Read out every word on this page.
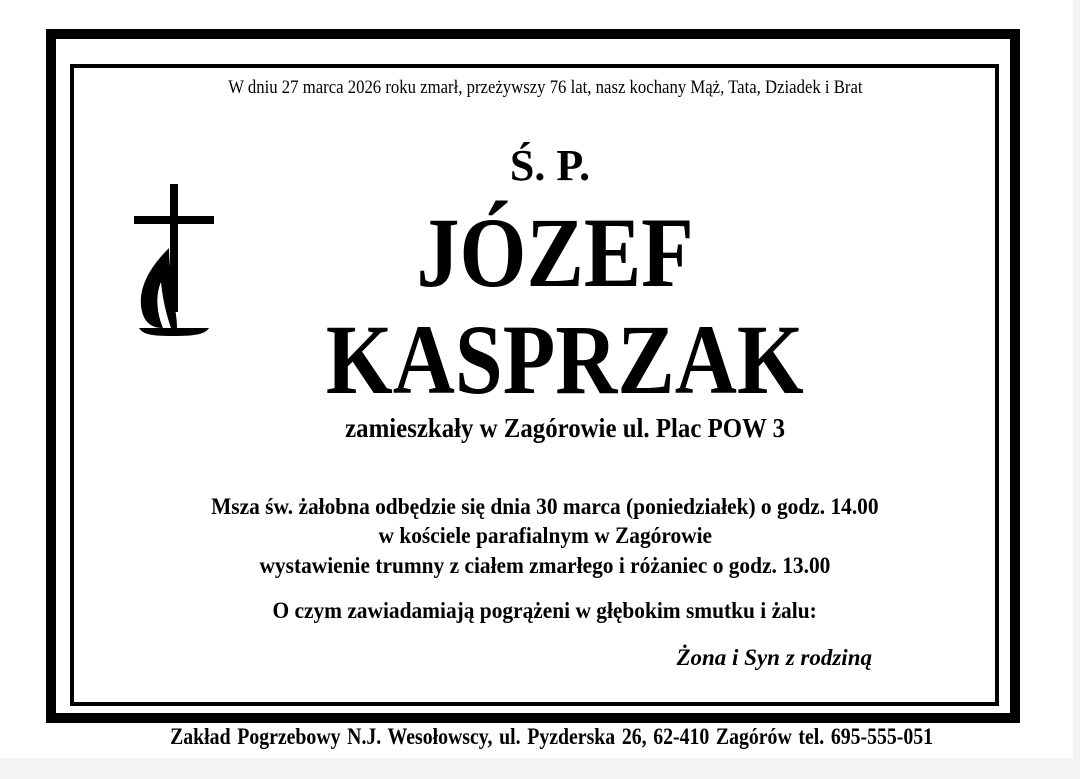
W dniu 27 marca 2026 roku zmarł, przeżywszy 76 lat, nasz kochany Mąż, Tata, Dziadek i Brat
Ś. P.
JÓZEF
KASPRZAK
zamieszkały w Zagórowie ul. Plac POW 3
Msza św. żałobna odbędzie się dnia 30 marca (poniedziałek) o godz. 14.00
w kościele parafialnym w Zagórowie
wystawienie trumny z ciałem zmarłego i różaniec o godz. 13.00
O czym zawiadamiają pogrążeni w głębokim smutku i żalu:
Żona i Syn z rodziną
Zakład Pogrzebowy N.J. Wesołowscy, ul. Pyzderska 26, 62-410 Zagórów tel. 695-555-051
